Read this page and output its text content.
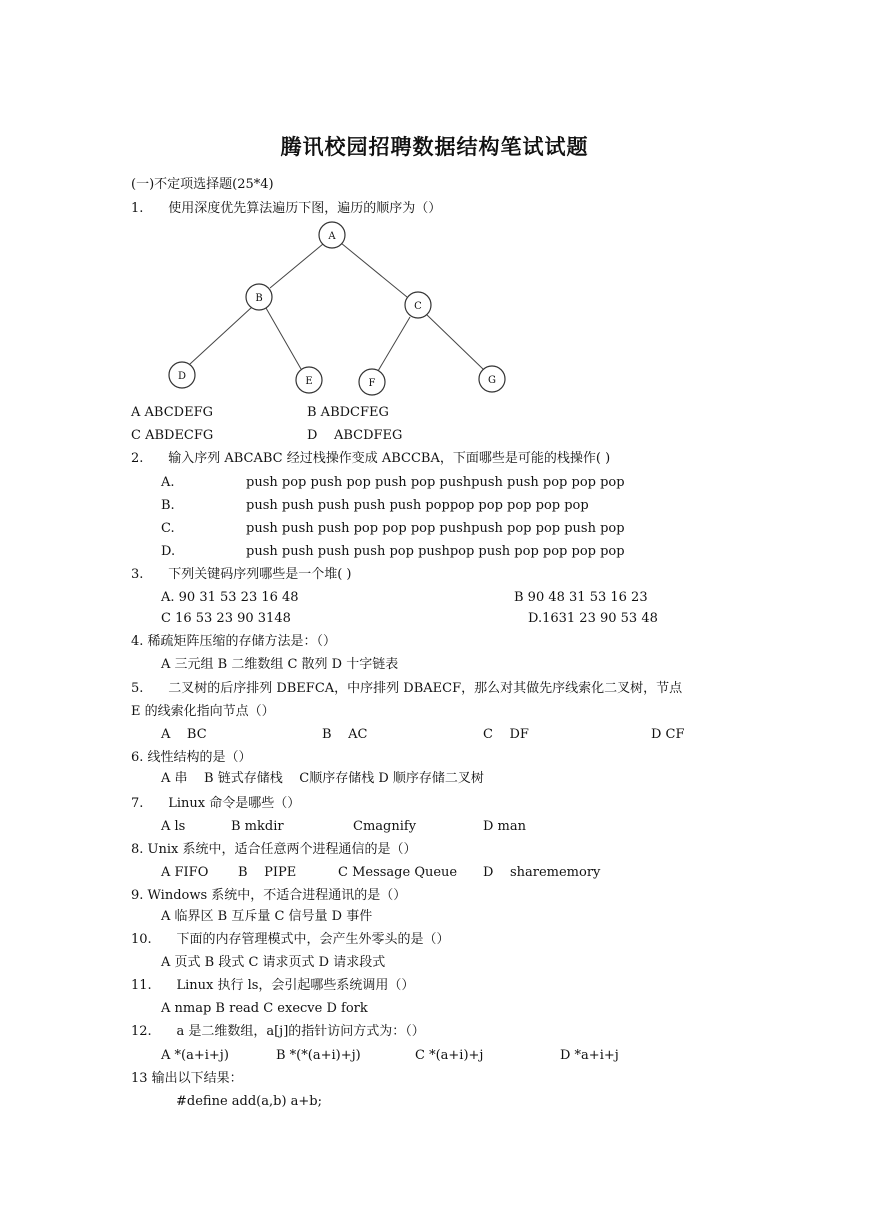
腾讯校园招聘数据结构笔试试题
(一)不定项选择题(25*4)
1.      使用深度优先算法遍历下图，遍历的顺序为（）
A
B
C
D	E	F	G
A ABCDEFG	B ABDCFEG
C ABDECFG	D    ABCDFEG
2.      输入序列 ABCABC 经过栈操作变成 ABCCBA，下面哪些是可能的栈操作( )
A.	push pop push pop push pop pushpush push pop pop pop
B.	push push push push push poppop pop pop pop pop
C.	push push push pop pop pop pushpush pop pop push pop
D.	push push push push pop pushpop push pop pop pop pop
3.      下列关键码序列哪些是一个堆( )
A. 90 31 53 23 16 48	B 90 48 31 53 16 23
C 16 53 23 90 3148	D.1631 23 90 53 48
4. 稀疏矩阵压缩的存储方法是：（）
A 三元组 B 二维数组 C 散列 D 十字链表
5.      二叉树的后序排列 DBEFCA，中序排列 DBAECF，那么对其做先序线索化二叉树，节点
E 的线索化指向节点（）
A    BC	B    AC	C    DF	D CF
6. 线性结构的是（）
A 串    B 链式存储栈    C顺序存储栈 D 顺序存储二叉树
7.      Linux 命令是哪些（）
A ls	B mkdir	Cmagnify	D man
8. Unix 系统中，适合任意两个进程通信的是（）
A FIFO B    PIPE	C Message Queue D    sharememory
9. Windows 系统中，不适合进程通讯的是（）
A 临界区 B 互斥量 C 信号量 D 事件
10.      下面的内存管理模式中，会产生外零头的是（）
A 页式 B 段式 C 请求页式 D 请求段式
11.      Linux 执行 ls，会引起哪些系统调用（）
A nmap B read C execve D fork
12.      a 是二维数组，a[j]的指针访问方式为：（）
A *(a+i+j)	B *(*(a+i)+j)	C *(a+i)+j	D *a+i+j
13 输出以下结果：
#define add(a,b) a+b;
